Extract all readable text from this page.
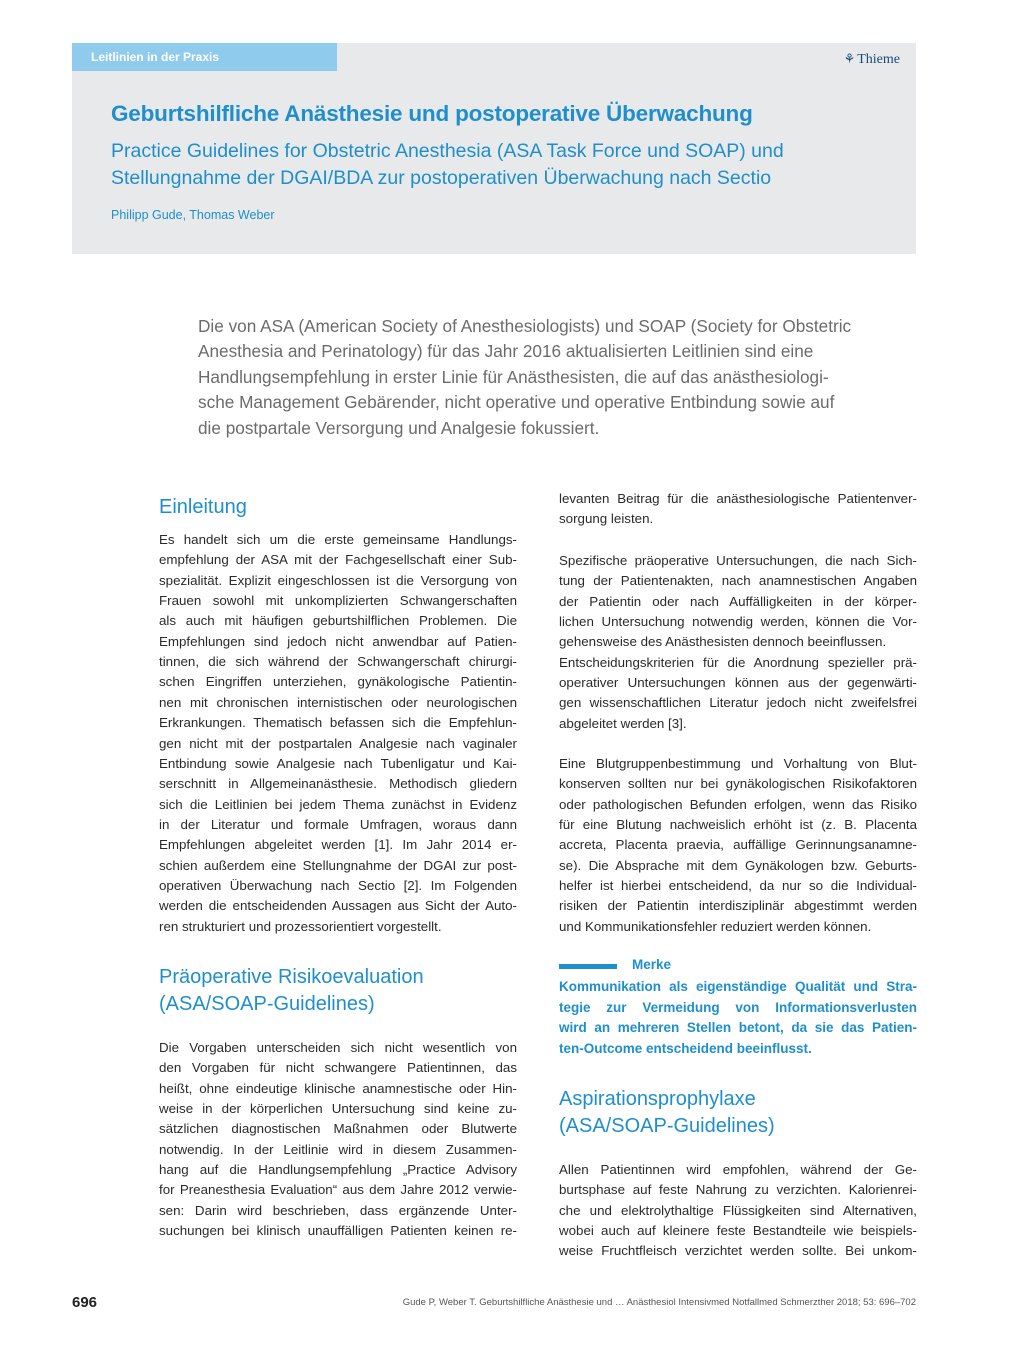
Leitlinien in der Praxis	⚘ Thieme
Geburtshilfliche Anästhesie und postoperative Überwachung
Practice Guidelines for Obstetric Anesthesia (ASA Task Force und SOAP) und Stellungnahme der DGAI/BDA zur postoperativen Überwachung nach Sectio
Philipp Gude, Thomas Weber
Die von ASA (American Society of Anesthesiologists) und SOAP (Society for Obstetric
Anesthesia and Perinatology) für das Jahr 2016 aktualisierten Leitlinien sind eine
Handlungsempfehlung in erster Linie für Anästhesisten, die auf das anästhesiologi-
sche Management Gebärender, nicht operative und operative Entbindung sowie auf
die postpartale Versorgung und Analgesie fokussiert.
Einleitung
Es handelt sich um die erste gemeinsame Handlungs-
empfehlung der ASA mit der Fachgesellschaft einer Sub-
spezialität. Explizit eingeschlossen ist die Versorgung von
Frauen sowohl mit unkomplizierten Schwangerschaften
als auch mit häufigen geburtshilflichen Problemen. Die
Empfehlungen sind jedoch nicht anwendbar auf Patien-
tinnen, die sich während der Schwangerschaft chirurgi-
schen Eingriffen unterziehen, gynäkologische Patientin-
nen mit chronischen internistischen oder neurologischen
Erkrankungen. Thematisch befassen sich die Empfehlun-
gen nicht mit der postpartalen Analgesie nach vaginaler
Entbindung sowie Analgesie nach Tubenligatur und Kai-
serschnitt in Allgemeinanästhesie. Methodisch gliedern
sich die Leitlinien bei jedem Thema zunächst in Evidenz
in der Literatur und formale Umfragen, woraus dann
Empfehlungen abgeleitet werden [1]. Im Jahr 2014 er-
schien außerdem eine Stellungnahme der DGAI zur post-
operativen Überwachung nach Sectio [2]. Im Folgenden
werden die entscheidenden Aussagen aus Sicht der Auto-
ren strukturiert und prozessorientiert vorgestellt.
Präoperative Risikoevaluation
(ASA/SOAP-Guidelines)
Die Vorgaben unterscheiden sich nicht wesentlich von
den Vorgaben für nicht schwangere Patientinnen, das
heißt, ohne eindeutige klinische anamnestische oder Hin-
weise in der körperlichen Untersuchung sind keine zu-
sätzlichen diagnostischen Maßnahmen oder Blutwerte
notwendig. In der Leitlinie wird in diesem Zusammen-
hang auf die Handlungsempfehlung „Practice Advisory
for Preanesthesia Evaluation“ aus dem Jahre 2012 verwie-
sen: Darin wird beschrieben, dass ergänzende Unter-
suchungen bei klinisch unauffälligen Patienten keinen re-
levanten Beitrag für die anästhesiologische Patientenver-
sorgung leisten.
Spezifische präoperative Untersuchungen, die nach Sich-
tung der Patientenakten, nach anamnestischen Angaben
der Patientin oder nach Auffälligkeiten in der körper-
lichen Untersuchung notwendig werden, können die Vor-
gehensweise des Anästhesisten dennoch beeinflussen.
Entscheidungskriterien für die Anordnung spezieller prä-
operativer Untersuchungen können aus der gegenwärti-
gen wissenschaftlichen Literatur jedoch nicht zweifelsfrei
abgeleitet werden [3].
Eine Blutgruppenbestimmung und Vorhaltung von Blut-
konserven sollten nur bei gynäkologischen Risikofaktoren
oder pathologischen Befunden erfolgen, wenn das Risiko
für eine Blutung nachweislich erhöht ist (z. B. Placenta
accreta, Placenta praevia, auffällige Gerinnungsanamne-
se). Die Absprache mit dem Gynäkologen bzw. Geburts-
helfer ist hierbei entscheidend, da nur so die Individual-
risiken der Patientin interdisziplinär abgestimmt werden
und Kommunikationsfehler reduziert werden können.
Merke
Kommunikation als eigenständige Qualität und Stra-
tegie zur Vermeidung von Informationsverlusten
wird an mehreren Stellen betont, da sie das Patien-
ten-Outcome entscheidend beeinflusst.
Aspirationsprophylaxe
(ASA/SOAP-Guidelines)
Allen Patientinnen wird empfohlen, während der Ge-
burtsphase auf feste Nahrung zu verzichten. Kalorienrei-
che und elektrolythaltige Flüssigkeiten sind Alternativen,
wobei auch auf kleinere feste Bestandteile wie beispiels-
weise Fruchtfleisch verzichtet werden sollte. Bei unkom-
696	Gude P, Weber T. Geburtshilfliche Anästhesie und … Anästhesiol Intensivmed Notfallmed Schmerzther 2018; 53: 696–702
